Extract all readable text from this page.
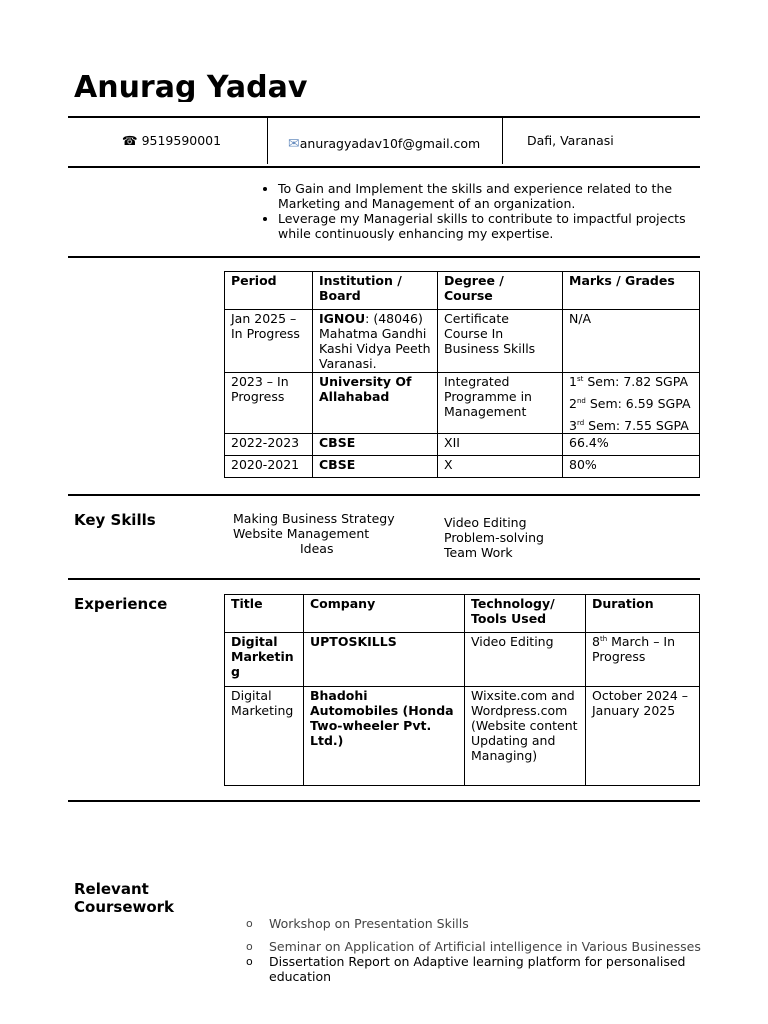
Anurag Yadav
☎ 9519590001	✉anuragyadav10f@gmail.com	Dafi, Varanasi
• To Gain and Implement the skills and experience related to the Marketing and Management of an organization.
• Leverage my Managerial skills to contribute to impactful projects while continuously enhancing my expertise.
Period	Institution / Board	Degree / Course	Marks / Grades
Jan 2025 – In Progress	IGNOU: (48046) Mahatma Gandhi Kashi Vidya Peeth Varanasi.	Certificate Course In Business Skills	N/A
2023 – In Progress	University Of Allahabad	Integrated Programme in Management	1st Sem: 7.82 SGPA
2nd Sem: 6.59 SGPA
3rd Sem: 7.55 SGPA

2022-2023	CBSE	XII	66.4%
2020-2021	CBSE	X	80%
Key Skills	Making Business Strategy
Website Management
Ideas
Video Editing
Problem-solving
Team Work
Experience	Title	Company	Technology/ Tools Used	Duration
Digital Marketin g	UPTOSKILLS	Video Editing	8th March – In Progress
Digital Marketing	Bhadohi Automobiles (Honda Two-wheeler Pvt. Ltd.)	Wixsite.com and Wordpress.com (Website content Updating and Managing)	October 2024 – January 2025
Relevant Coursework
o Workshop on Presentation Skills
o Seminar on Application of Artificial intelligence in Various Businesses
o Dissertation Report on Adaptive learning platform for personalised education
